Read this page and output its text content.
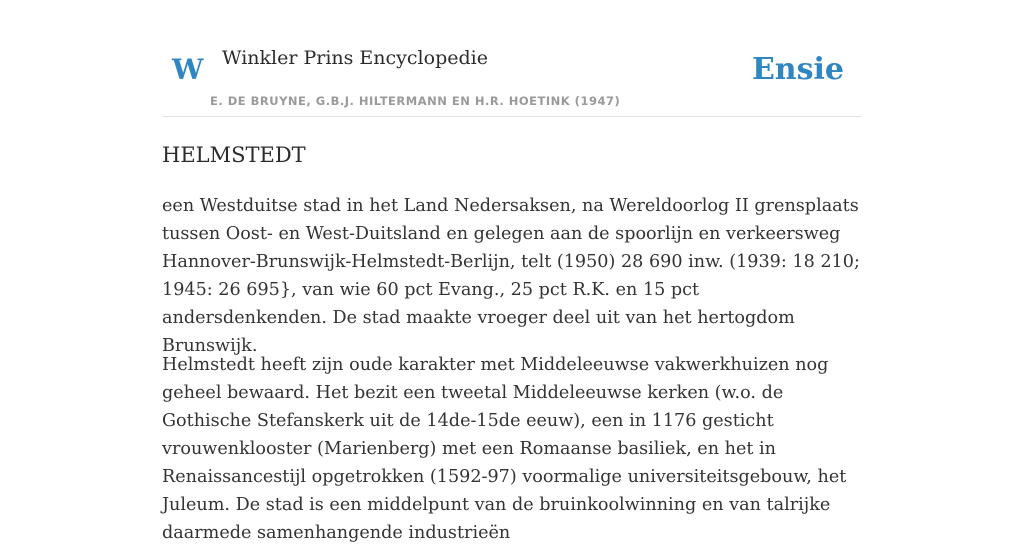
W Winkler Prins Encyclopedie
E. DE BRUYNE, G.B.J. HILTERMANN EN H.R. HOETINK (1947)
Ensie
HELMSTEDT

een Westduitse stad in het Land Nedersaksen, na Wereldoorlog II grensplaats tussen Oost- en West-Duitsland en gelegen aan de spoorlijn en verkeersweg Hannover-Brunswijk-Helmstedt-Berlijn, telt (1950) 28 690 inw. (1939: 18 210; 1945: 26 695}, van wie 60 pct Evang., 25 pct R.K. en 15 pct andersdenkenden. De stad maakte vroeger deel uit van het hertogdom Brunswijk.

Helmstedt heeft zijn oude karakter met Middeleeuwse vakwerkhuizen nog geheel bewaard. Het bezit een tweetal Middeleeuwse kerken (w.o. de Gothische Stefanskerk uit de 14de-15de eeuw), een in 1176 gesticht vrouwenklooster (Marienberg) met een Romaanse basiliek, en het in Renaissancestijl opgetrokken (1592-97) voormalige universiteitsgebouw, het Juleum. De stad is een middelpunt van de bruinkoolwinning en van talrijke daarmede samenhangende industrieën
